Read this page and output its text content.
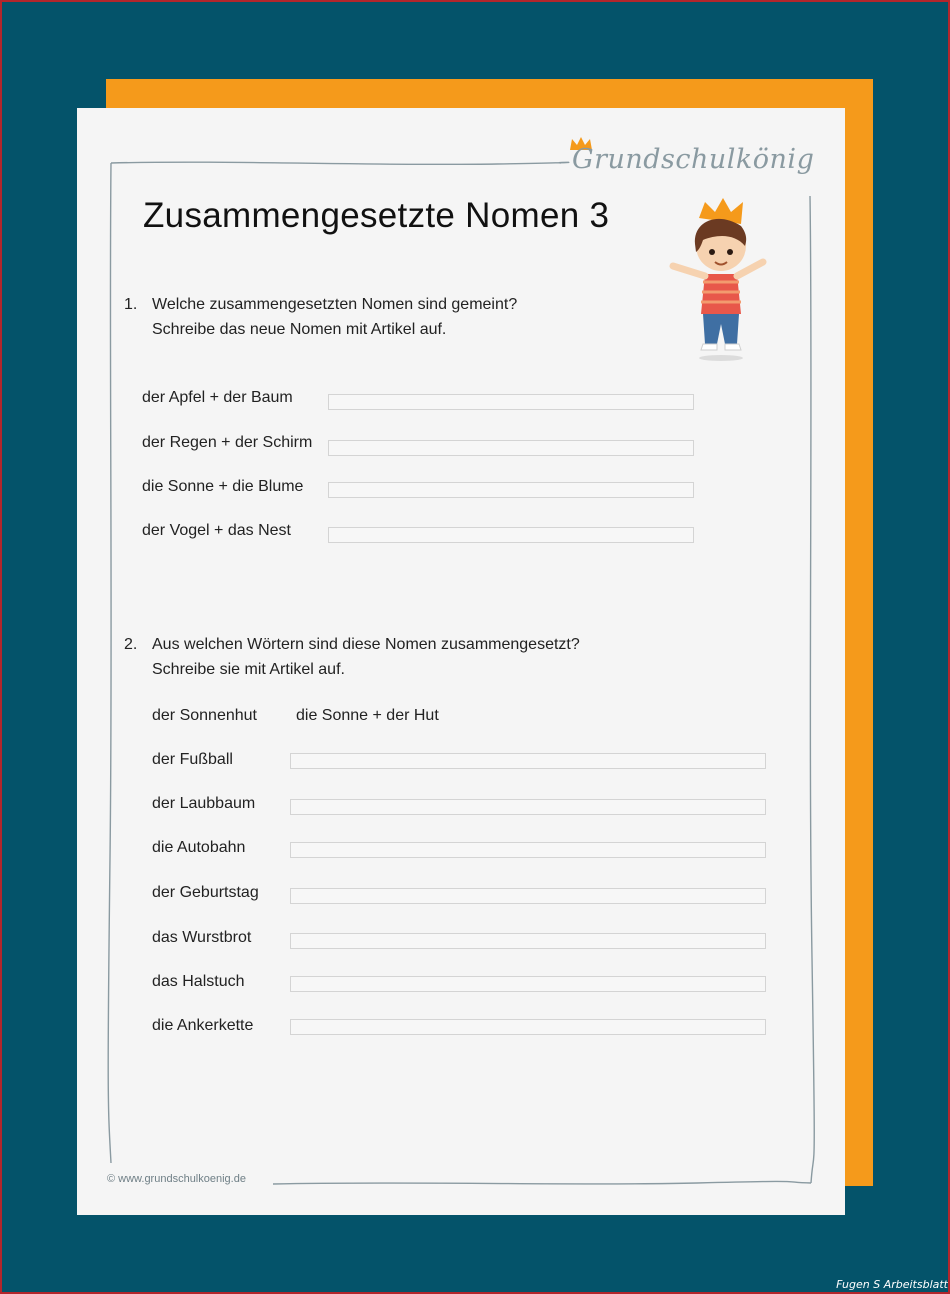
Grundschulkönig
Zusammengesetzte Nomen 3
1. Welche zusammengesetzten Nomen sind gemeint?
Schreibe das neue Nomen mit Artikel auf.
der Apfel + der Baum
der Regen + der Schirm
die Sonne + die Blume
der Vogel + das Nest
2. Aus welchen Wörtern sind diese Nomen zusammengesetzt?
Schreibe sie mit Artikel auf.
der Sonnenhut die Sonne + der Hut
der Fußball
der Laubbaum
die Autobahn
der Geburtstag
das Wurstbrot
das Halstuch
die Ankerkette
© www.grundschulkoenig.de
Fugen S Arbeitsblatt
